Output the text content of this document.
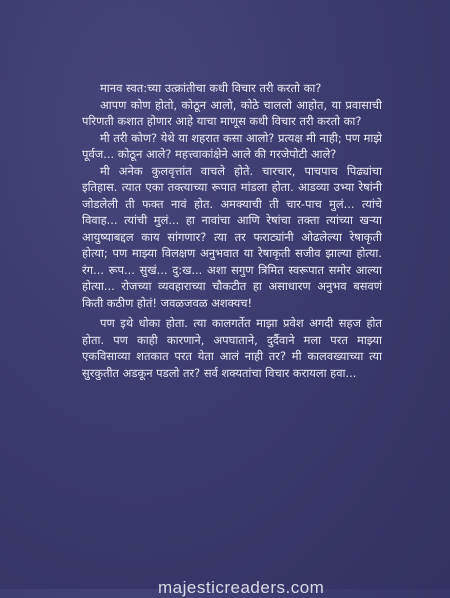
मानव स्वत:च्या उत्क्रांतीचा कधी विचार तरी करतो का?

आपण कोण होतो, कोठून आलो, कोठे चाललो आहोत, या प्रवासाची परिणती कशात होणार आहे याचा माणूस कधी विचार तरी करतो का?

मी तरी कोण? येथे या शहरात कसा आलो? प्रत्यक्ष मी नाही; पण माझे पूर्वज... कोठून आले? महत्त्वाकांक्षेने आले की गरजेपोटी आले?

मी अनेक कुलवृत्तांत वाचले होते. चारचार, पाचपाच पिढ्यांचा इतिहास. त्यात एका तक्त्याच्या रूपात मांडला होता. आडव्या उभ्या रेषांनी जोडलेली ती फक्त नावं होत. अमक्याची ती चार-पाच मुलं... त्यांचे विवाह... त्यांची मुलं... हा नावांचा आणि रेषांचा तक्ता त्यांच्या खऱ्या आयुष्याबद्दल काय सांगणार? त्या तर फराट्यांनी ओढलेल्या रेषाकृती होत्या; पण माझ्या विलक्षण अनुभवात या रेषाकृती सजीव झाल्या होत्या. रंग... रूप... सुखं... दु:ख... अशा सगुण त्रिमित स्वरूपात समोर आल्या होत्या... रोजच्या व्यवहाराच्या चौकटीत हा असाधारण अनुभव बसवणं किती कठीण होतं! जवळजवळ अशक्यच!

पण इथे धोका होता. त्या कालगर्तेत माझा प्रवेश अगदी सहज होत होता. पण काही कारणाने, अपघाताने, दुर्दैवाने मला परत माझ्या एकविसाव्या शतकात परत येता आलं नाही तर? मी कालवख्याच्या त्या सुरकुतीत अडकून पडलो तर? सर्व शक्यतांचा विचार करायला हवा...

majesticreaders.com
